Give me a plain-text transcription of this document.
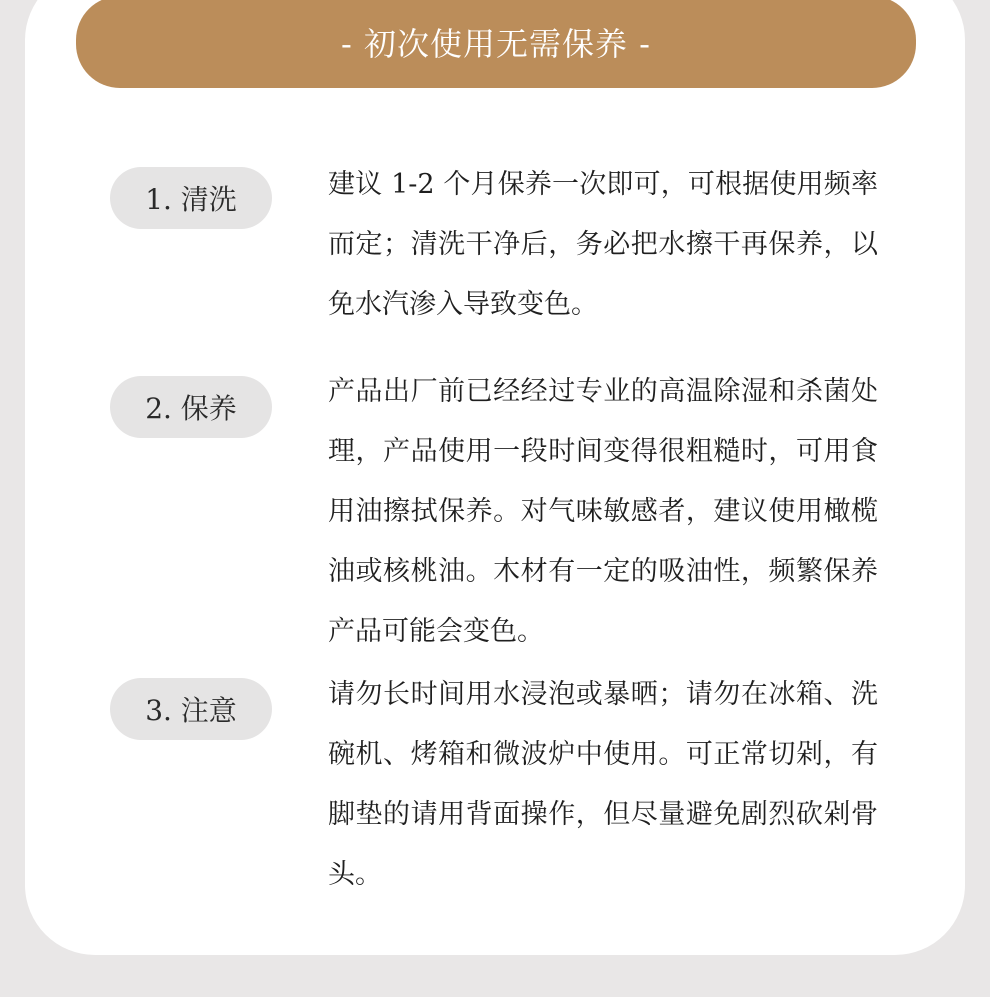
- 初次使用无需保养 -
1. 清洗	建议 1-2 个月保养一次即可，可根据使用频率而定；清洗干净后，务必把水擦干再保养，以免水汽渗入导致变色。

2. 保养

产品出厂前已经经过专业的高温除湿和杀菌处理，产品使用一段时间变得很粗糙时，可用食用油擦拭保养。对气味敏感者，建议使用橄榄油或核桃油。木材有一定的吸油性，频繁保养产品可能会变色。

3. 注意	请勿长时间用水浸泡或暴晒；请勿在冰箱、洗碗机、烤箱和微波炉中使用。可正常切剁，有脚垫的请用背面操作，但尽量避免剧烈砍剁骨头。
